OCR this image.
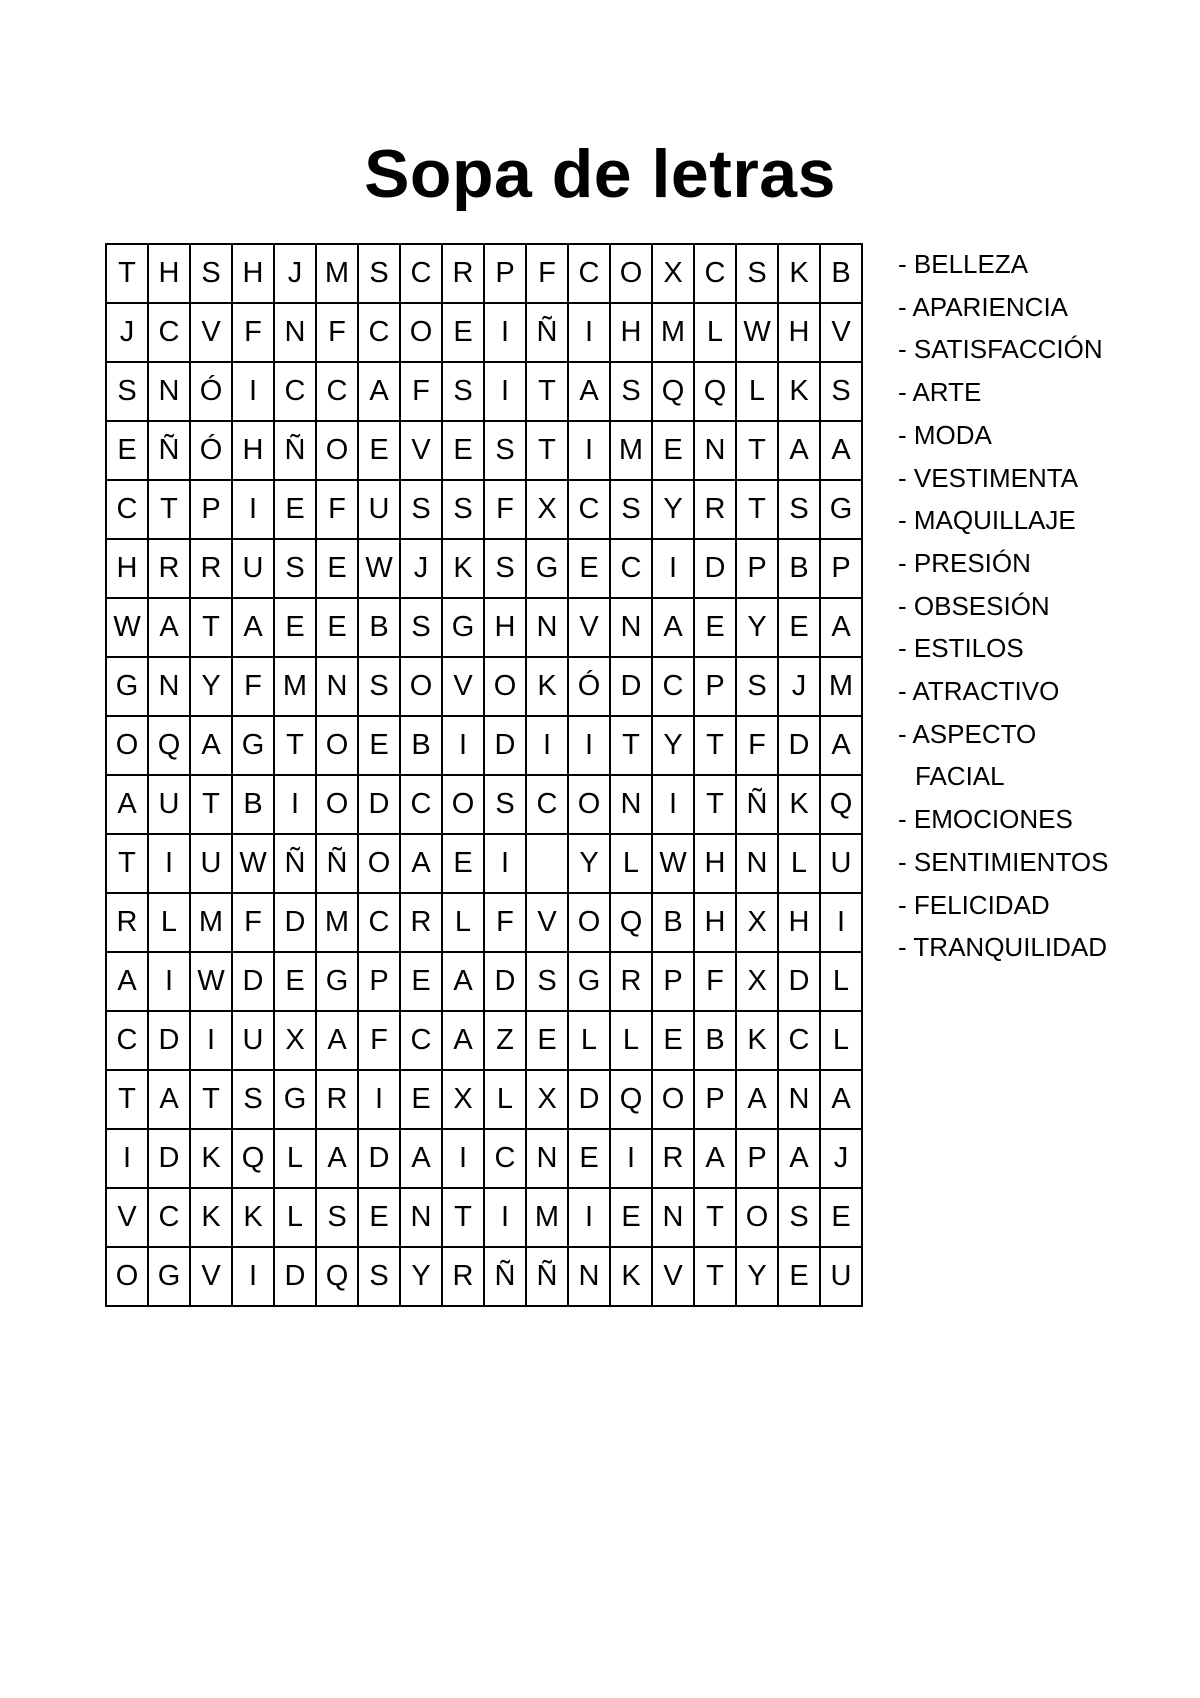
Sopa de letras
T	H	S	H	J	M	S	C	R	P	F	C	O	X	C	S	K	B
J	C	V	F	N	F	C	O	E	I	Ñ	I	H	M	L	W	H	V
S	N	Ó	I	C	C	A	F	S	I	T	A	S	Q	Q	L	K	S
E	Ñ	Ó	H	Ñ	O	E	V	E	S	T	I	M	E	N	T	A	A
C	T	P	I	E	F	U	S	S	F	X	C	S	Y	R	T	S	G
H	R	R	U	S	E	W	J	K	S	G	E	C	I	D	P	B	P
W	A	T	A	E	E	B	S	G	H	N	V	N	A	E	Y	E	A
G	N	Y	F	M	N	S	O	V	O	K	Ó	D	C	P	S	J	M
O	Q	A	G	T	O	E	B	I	D	I	I	T	Y	T	F	D	A
A	U	T	B	I	O	D	C	O	S	C	O	N	I	T	Ñ	K	Q
T	I	U	W	Ñ	Ñ	O	A	E	I		Y	L	W	H	N	L	U
R	L	M	F	D	M	C	R	L	F	V	O	Q	B	H	X	H	I
A	I	W	D	E	G	P	E	A	D	S	G	R	P	F	X	D	L
C	D	I	U	X	A	F	C	A	Z	E	L	L	E	B	K	C	L
T	A	T	S	G	R	I	E	X	L	X	D	Q	O	P	A	N	A
I	D	K	Q	L	A	D	A	I	C	N	E	I	R	A	P	A	J
V	C	K	K	L	S	E	N	T	I	M	I	E	N	T	O	S	E
O	G	V	I	D	Q	S	Y	R	Ñ	Ñ	N	K	V	T	Y	E	U
- BELLEZA
- APARIENCIA
- SATISFACCIÓN
- ARTE
- MODA
- VESTIMENTA
- MAQUILLAJE
- PRESIÓN
- OBSESIÓN
- ESTILOS
- ATRACTIVO
- ASPECTO
FACIAL
- EMOCIONES
- SENTIMIENTOS
- FELICIDAD
- TRANQUILIDAD
